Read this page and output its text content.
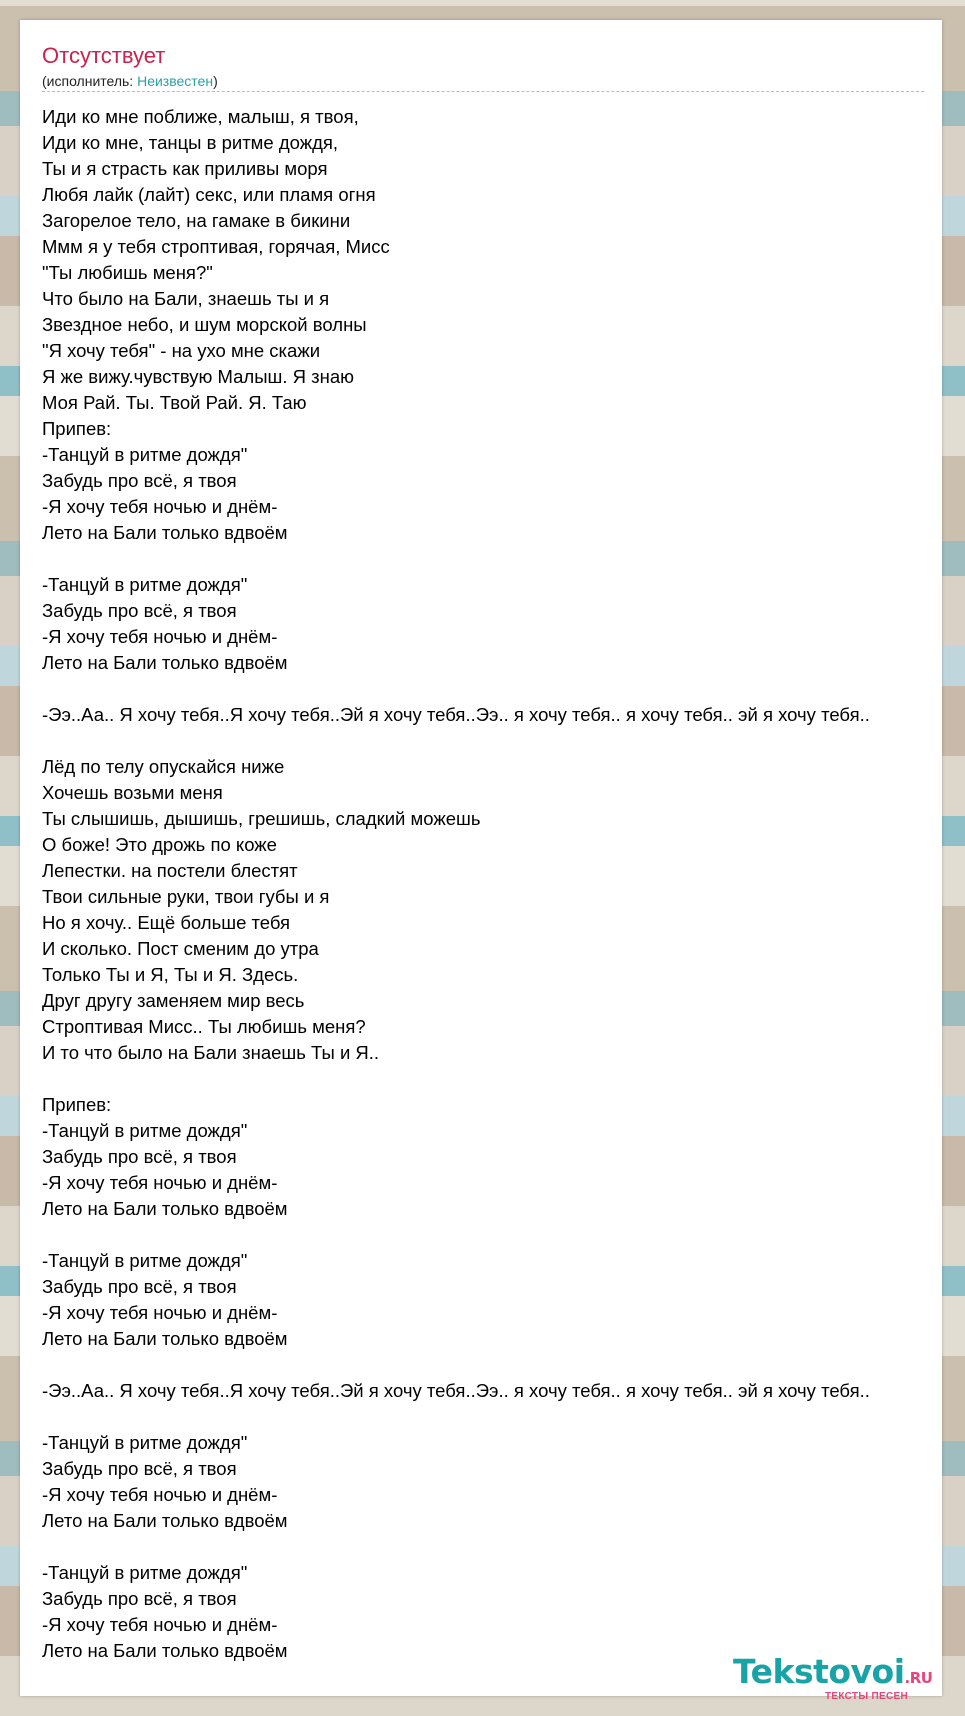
Отсутствует
(исполнитель: Неизвестен)
Иди ко мне поближе, малыш, я твоя,
Иди ко мне, танцы в ритме дождя,
Ты и я страсть как приливы моря
Любя лайк (лайт) секс, или пламя огня
Загорелое тело, на гамаке в бикини
Ммм я у тебя строптивая, горячая, Мисс
"Ты любишь меня?"
Что было на Бали, знаешь ты и я
Звездное небо, и шум морской волны
"Я хочу тебя" - на ухо мне скажи
Я же вижу.чувствую Малыш. Я знаю
Моя Рай. Ты. Твой Рай. Я. Таю
Припев:
-Танцуй в ритме дождя"
Забудь про всё, я твоя
-Я хочу тебя ночью и днём-
Лето на Бали только вдвоём
-Танцуй в ритме дождя"
Забудь про всё, я твоя
-Я хочу тебя ночью и днём-
Лето на Бали только вдвоём
-Ээ..Аа.. Я хочу тебя..Я хочу тебя..Эй я хочу тебя..Ээ.. я хочу тебя.. я хочу тебя.. эй я хочу тебя..
Лёд по телу опускайся ниже
Хочешь возьми меня
Ты слышишь, дышишь, грешишь, сладкий можешь
О боже! Это дрожь по коже
Лепестки. на постели блестят
Твои сильные руки, твои губы и я
Но я хочу.. Ещё больше тебя
И сколько. Пост сменим до утра
Только Ты и Я, Ты и Я. Здесь.
Друг другу заменяем мир весь
Строптивая Мисс.. Ты любишь меня?
И то что было на Бали знаешь Ты и Я..
Припев:
-Танцуй в ритме дождя"
Забудь про всё, я твоя
-Я хочу тебя ночью и днём-
Лето на Бали только вдвоём
-Танцуй в ритме дождя"
Забудь про всё, я твоя
-Я хочу тебя ночью и днём-
Лето на Бали только вдвоём
-Ээ..Аа.. Я хочу тебя..Я хочу тебя..Эй я хочу тебя..Ээ.. я хочу тебя.. я хочу тебя.. эй я хочу тебя..
-Танцуй в ритме дождя"
Забудь про всё, я твоя
-Я хочу тебя ночью и днём-
Лето на Бали только вдвоём
-Танцуй в ритме дождя"
Забудь про всё, я твоя
-Я хочу тебя ночью и днём-
Лето на Бали только вдвоём
Tekstovoi.RU
ТЕКСТЫ ПЕСЕН
